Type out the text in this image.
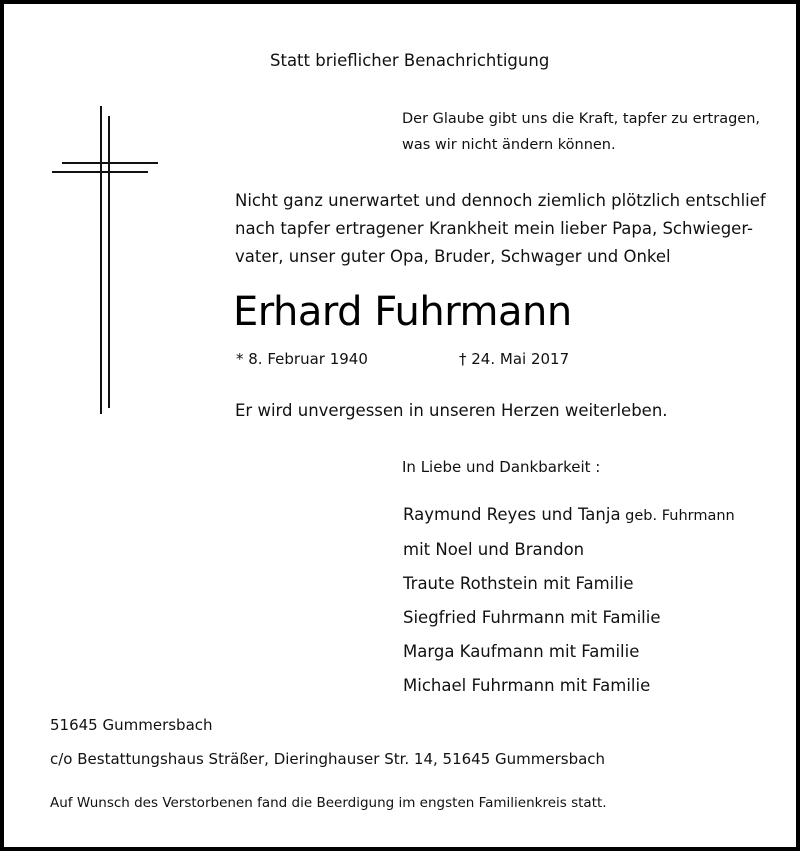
Statt brieflicher Benachrichtigung
Der Glaube gibt uns die Kraft, tapfer zu ertragen,
was wir nicht ändern können.
Nicht ganz unerwartet und dennoch ziemlich plötzlich entschlief
nach tapfer ertragener Krankheit mein lieber Papa, Schwieger-
vater, unser guter Opa, Bruder, Schwager und Onkel
Erhard Fuhrmann
* 8. Februar 1940	† 24. Mai 2017
Er wird unvergessen in unseren Herzen weiterleben.
In Liebe und Dankbarkeit :
Raymund Reyes und Tanja geb. Fuhrmann
mit Noel und Brandon
Traute Rothstein mit Familie
Siegfried Fuhrmann mit Familie
Marga Kaufmann mit Familie
Michael Fuhrmann mit Familie
51645 Gummersbach
c/o Bestattungshaus Sträßer, Dieringhauser Str. 14, 51645 Gummersbach
Auf Wunsch des Verstorbenen fand die Beerdigung im engsten Familienkreis statt.
